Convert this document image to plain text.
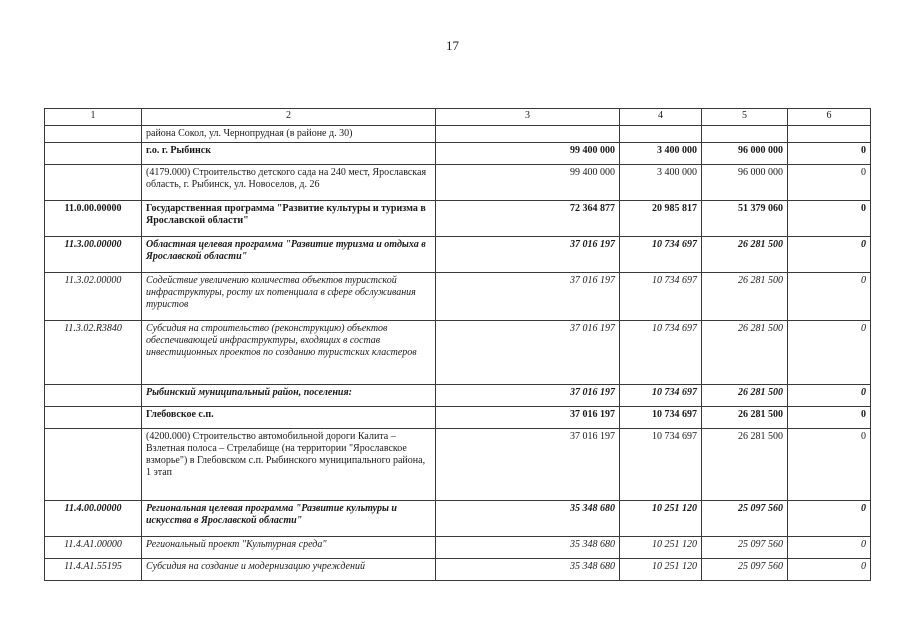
17
1	2	3	4	5	6
	района Сокол, ул. Чернопрудная (в районе д. 30)				
	г.о. г. Рыбинск	99 400 000	3 400 000	96 000 000	0
	(4179.000) Строительство детского сада на 240 мест, Ярославская область, г. Рыбинск, ул. Новоселов, д. 26	99 400 000	3 400 000	96 000 000	0
11.0.00.00000	Государственная программа "Развитие культуры и туризма в Ярославской области"	72 364 877	20 985 817	51 379 060	0
11.3.00.00000	Областная целевая программа "Развитие туризма и отдыха в Ярославской области"	37 016 197	10 734 697	26 281 500	0
11.3.02.00000	Содействие увеличению количества объектов туристской инфраструктуры, росту их потенциала в сфере обслуживания туристов	37 016 197	10 734 697	26 281 500	0
11.3.02.R3840	Субсидия на строительство (реконструкцию) объектов обеспечивающей инфраструктуры, входящих в состав инвестиционных проектов по созданию туристских кластеров	37 016 197	10 734 697	26 281 500	0
	Рыбинский муниципальный район, поселения:	37 016 197	10 734 697	26 281 500	0
	Глебовское с.п.	37 016 197	10 734 697	26 281 500	0
	(4200.000) Строительство автомобильной дороги Калита – Взлетная полоса – Стрелабище (на территории "Ярославское взморье") в Глебовском с.п. Рыбинского муниципального района, 1 этап	37 016 197	10 734 697	26 281 500	0
11.4.00.00000	Региональная целевая программа "Развитие культуры и искусства в Ярославской области"	35 348 680	10 251 120	25 097 560	0
11.4.A1.00000	Региональный проект "Культурная среда"	35 348 680	10 251 120	25 097 560	0
11.4.A1.55195	Субсидия на создание и модернизацию учреждений	35 348 680	10 251 120	25 097 560	0
